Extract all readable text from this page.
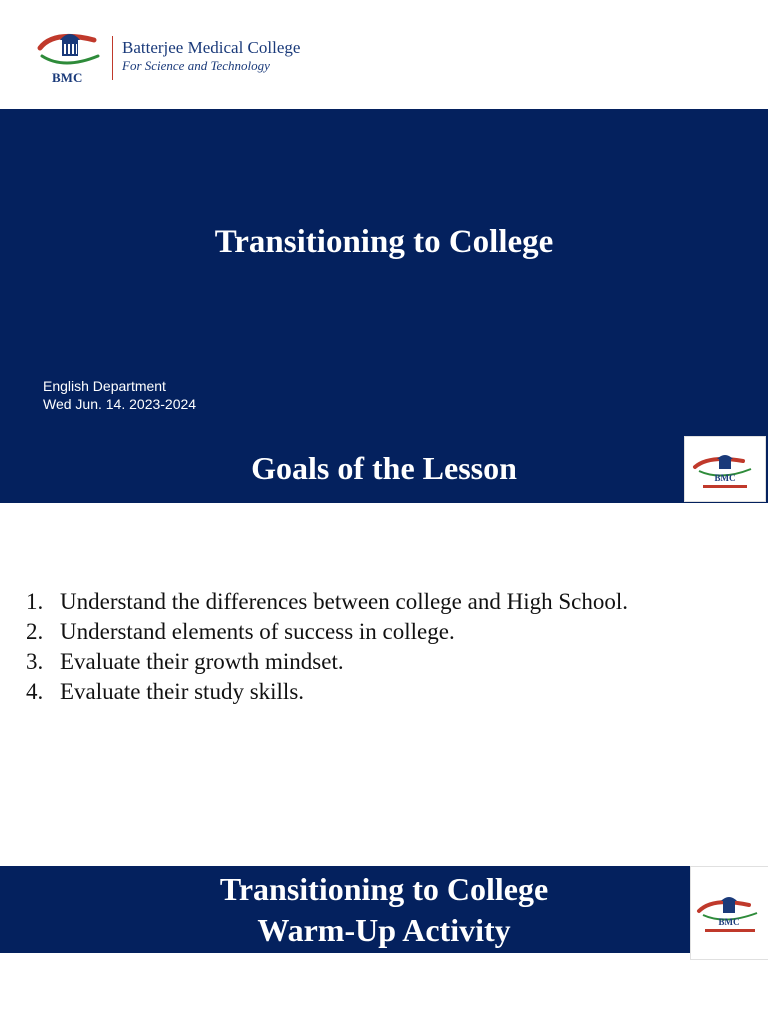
BMC
Batterjee Medical College
For Science and Technology
Transitioning to College
English Department
Wed Jun. 14. 2023-2024
Goals of the Lesson	BMC
1. Understand the differences between college and High School.
2. Understand elements of success in college.
3. Evaluate their growth mindset.
4. Evaluate their study skills.
Transitioning to College
Warm-Up Activity	BMC
